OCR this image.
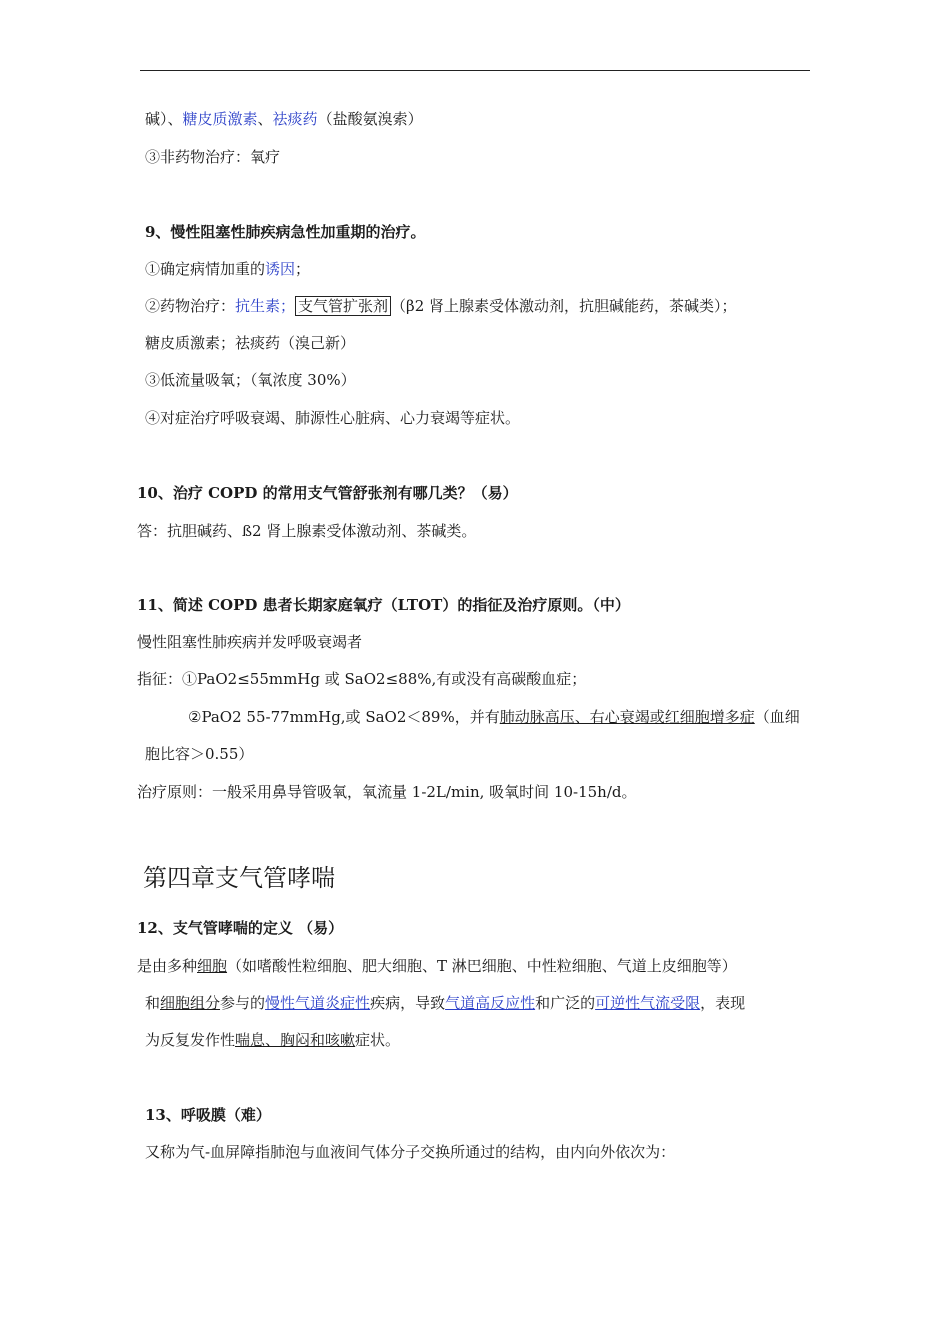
碱）、糖皮质激素、祛痰药（盐酸氨溴索）
③非药物治疗：氧疗
9、慢性阻塞性肺疾病急性加重期的治疗。
①确定病情加重的诱因；
②药物治疗：抗生素； 支气管扩张剂 （β2 肾上腺素受体激动剂，抗胆碱能药，茶碱类）；
糖皮质激素；祛痰药（溴己新）
③低流量吸氧；（氧浓度 30%）
④对症治疗呼吸衰竭、肺源性心脏病、心力衰竭等症状。
10、治疗 COPD 的常用支气管舒张剂有哪几类？（易）
答：抗胆碱药、ß2 肾上腺素受体激动剂、茶碱类。
11、简述 COPD 患者长期家庭氧疗（LTOT）的指征及治疗原则。（中）
慢性阻塞性肺疾病并发呼吸衰竭者
指征：①PaO2≤55mmHg 或 SaO2≤88%,有或没有高碳酸血症；
②PaO2 55-77mmHg,或 SaO2＜89%，并有肺动脉高压、右心衰竭或红细胞增多症（血细
胞比容＞0.55）
治疗原则：一般采用鼻导管吸氧，氧流量 1-2L/min, 吸氧时间 10-15h/d。
第四章支气管哮喘
12、支气管哮喘的定义 （易）
是由多种细胞（如嗜酸性粒细胞、肥大细胞、T 淋巴细胞、中性粒细胞、气道上皮细胞等）
和细胞组分参与的慢性气道炎症性疾病，导致气道高反应性和广泛的可逆性气流受限，表现
为反复发作性喘息、胸闷和咳嗽症状。
13、呼吸膜（难）
又称为气-血屏障指肺泡与血液间气体分子交换所通过的结构，由内向外依次为：
